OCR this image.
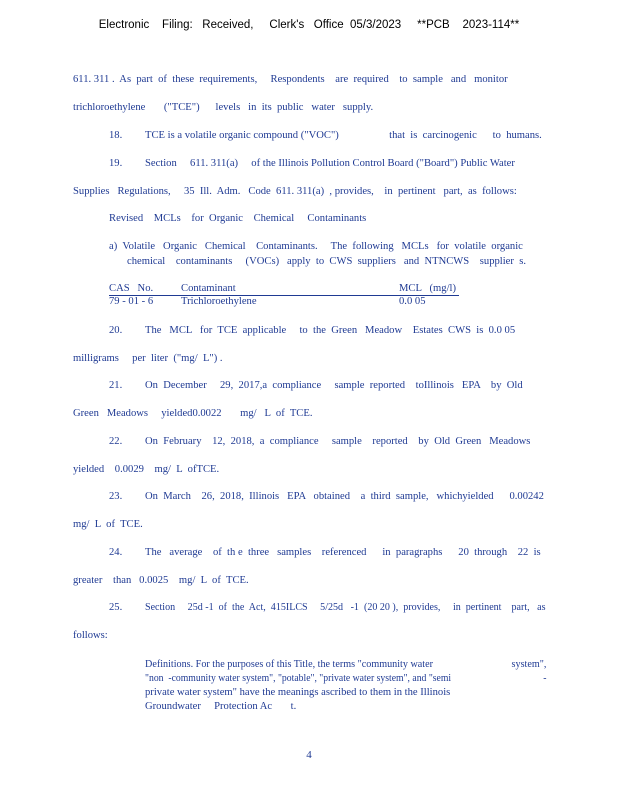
Electronic    Filing:   Received,     Clerk's   Office  05/3/2023     **PCB    2023-114**
611. 311 .  As  part  of  these  requirements,     Respondents    are  required    to  sample   and   monitor
trichloroethylene       ("TCE")      levels   in  its  public   water   supply.
18. TCE is a volatile organic compound ("VOC")                   that  is  carcinogenic      to  humans.
19. Section     611. 311(a)     of the Illinois Pollution Control Board ("Board") Public Water
Supplies   Regulations,     35  Ill.  Adm.   Code  611. 311(a)  , provides,    in  pertinent   part,  as  follows:
Revised    MCLs    for  Organic    Chemical     Contaminants
a)  Volatile   Organic   Chemical    Contaminants.     The  following   MCLs   for  volatile  organic
chemical    contaminants     (VOCs)   apply  to  CWS  suppliers   and  NTNCWS    supplier  s.
CAS   No.	Contaminant	MCL   (mg/l)
79 - 01 - 6	Trichloroethylene	0.0 05
20. The   MCL   for  TCE  applicable     to  the  Green   Meadow    Estates  CWS  is  0.0 05
milligrams     per  liter  ("mg/  L") .
21. On  December     29,  2017,a  compliance     sample  reported    toIllinois   EPA    by  Old
Green   Meadows     yielded0.0022       mg/   L  of  TCE.
22. On  February    12,  2018,  a  compliance     sample    reported    by  Old  Green   Meadows
yielded    0.0029    mg/  L  ofTCE.
23. On  March    26,  2018,  Illinois   EPA   obtained    a  third  sample,   whichyielded      0.00242
mg/  L  of  TCE.
24. The   average    of  th e  three   samples    referenced      in  paragraphs      20  through    22  is
greater    than   0.0025    mg/  L  of  TCE.
25. Section     25d -1  of  the  Act,  415ILCS     5/25d   -1  (20 20 ),  provides,     in  pertinent    part,   as
follows:
Definitions. For the purposes of this Title, the terms "community water                               system",
"non  -community water system", "potable", "private water system", and "semi                                      -
private water system" have the meanings ascribed to them in the Illinois
Groundwater     Protection Ac       t.
4
